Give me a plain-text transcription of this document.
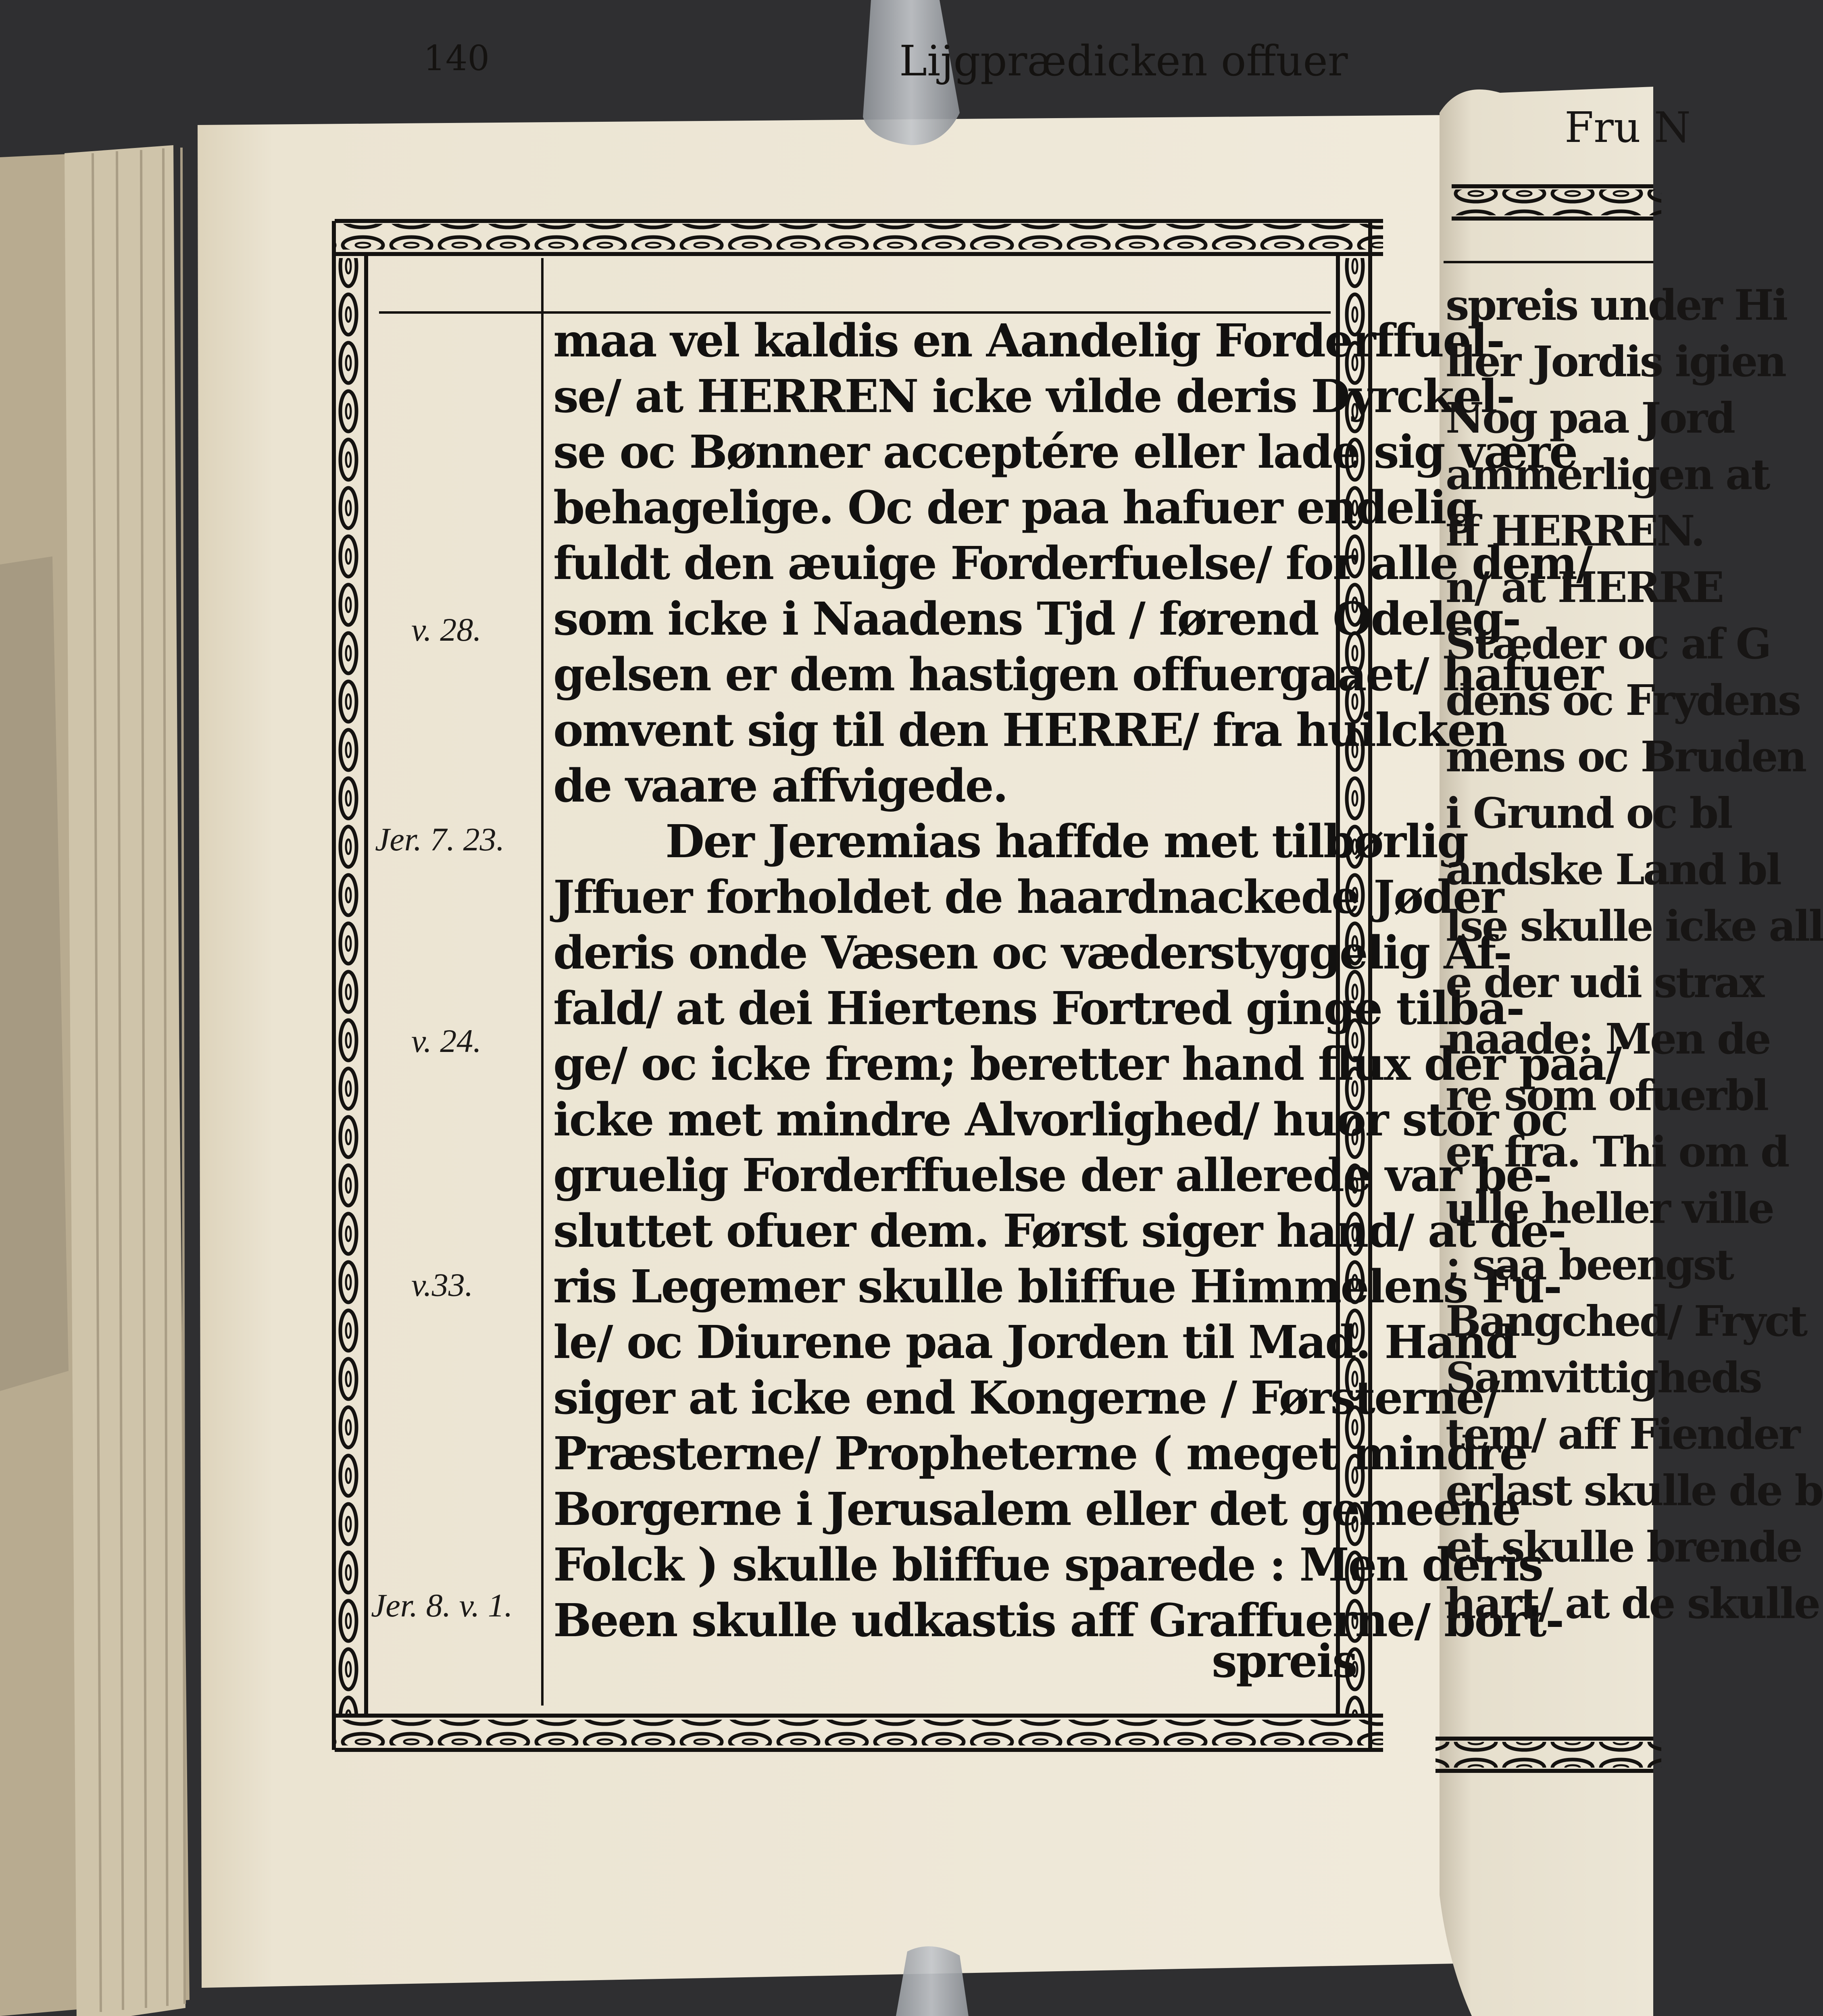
140	Lijgprædicken offuer
v. 28.
Jer. 7. 23.
v. 24.
v.33.
Jer. 8. v. 1.
maa vel kaldis en Aandelig Forderffuel-
se/ at HERREN icke vilde deris Dyrckel-
se oc Bønner acceptére eller lade sig være
behagelige. Oc der paa hafuer endelig
fuldt den æuige Forderfuelse/ for alle dem/
som icke i Naadens Tjd / førend Odeleg-
gelsen er dem hastigen offuergaaet/ hafuer
omvent sig til den HERRE/ fra huilcken
de vaare affvigede.
Der Jeremias haffde met tilbørlig
Jffuer forholdet de haardnackede Jøder
deris onde Væsen oc væderstyggelig Af-
fald/ at dei Hiertens Fortred ginge tilba-
ge/ oc icke frem; beretter hand flux der paa/
icke met mindre Alvorlighed/ huor stor oc
gruelig Forderffuelse der allerede var be-
sluttet ofuer dem. Først siger hand/ at de-
ris Legemer skulle bliffue Himmelens Fu-
le/ oc Diurene paa Jorden til Mad. Hand
siger at icke end Kongerne / Førsterne/
Præsterne/ Propheterne ( meget mindre
Borgerne i Jerusalem eller det gemeene
Folck ) skulle bliffue sparede : Men deris
Been skulle udkastis aff Graffuerne/ bort-
spreis
Fru N
spreis under Hi
ller Jordis igien
Nog paa Jord
ammerligen at
ff HERREN.
n/ at HERRE
Stæder oc af G
dens oc Frydens
mens oc Bruden
i Grund oc bl
andske Land bl
lse skulle icke all
e der udi strax
naade: Men de
re som ofuerbl
er fra. Thi om d
ulle heller ville
; saa beengst
Bangched/ Fryct
Samvittigheds
tem/ aff Fiender
erlast skulle de b
et skulle brende
hart/ at de skulle
